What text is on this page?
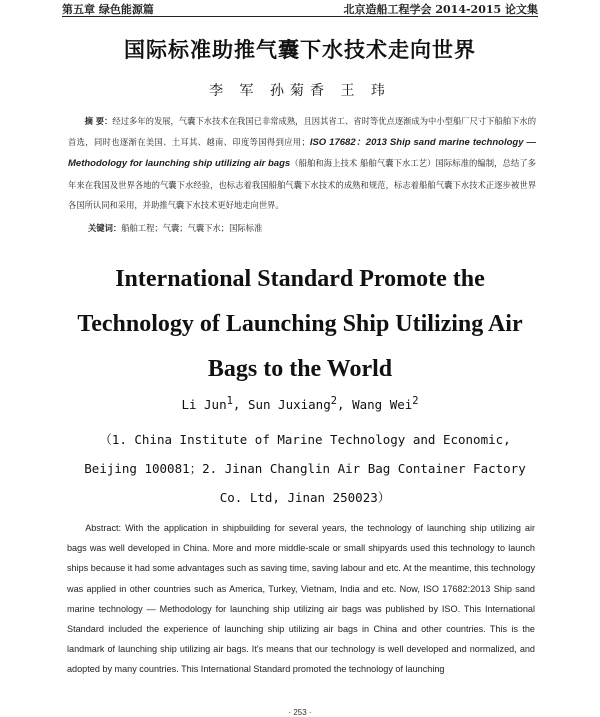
第五章 绿色能源篇	北京造船工程学会 2014-2015 论文集
国际标准助推气囊下水技术走向世界
李 军 孙菊香 王 玮

摘 要：经过多年的发展，气囊下水技术在我国已非常成熟，且因其省工、省时等优点逐渐成为中小型船厂尺寸下船舶下水的首选，同时也逐渐在美国、土耳其、越南、印度等国得到应用；ISO 17682：2013 Ship sand marine technology —Methodology for launching ship utilizing air bags（船舶和海上技术 船舶气囊下水工艺）国际标准的编制，总结了多年来在我国及世界各地的气囊下水经验，也标志着我国船舶气囊下水技术的成熟和规范，标志着船舶气囊下水技术正逐步被世界各国所认同和采用，并助推气囊下水技术更好地走向世界。

关键词：船舶工程；气囊；气囊下水；国际标准
International Standard Promote the
Technology of Launching Ship Utilizing Air
Bags to the World
Li Jun$^1$, Sun Juxiang$^2$, Wang Wei$^2$
（1. China Institute of Marine Technology and Economic,
Beijing 100081；2. Jinan Changlin Air Bag Container Factory
Co. Ltd, Jinan 250023）

Abstract: With the application in shipbuilding for several years, the technology of launching ship utilizing air bags was well developed in China. More and more middle-scale or small shipyards used this technology to launch ships because it had some advantages such as saving time, saving labour and etc. At the meantime, this technology was applied in other countries such as America, Turkey, Vietnam, India and etc. Now, ISO 17682:2013 Ship sand marine technology — Methodology for launching ship utilizing air bags was published by ISO. This International Standard included the experience of launching ship utilizing air bags in China and other countries. This is the landmark of launching ship utilizing air bags. It's means that our technology is well developed and normalized, and adopted by many countries. This International Standard promoted the technology of launching

· 253 ·
